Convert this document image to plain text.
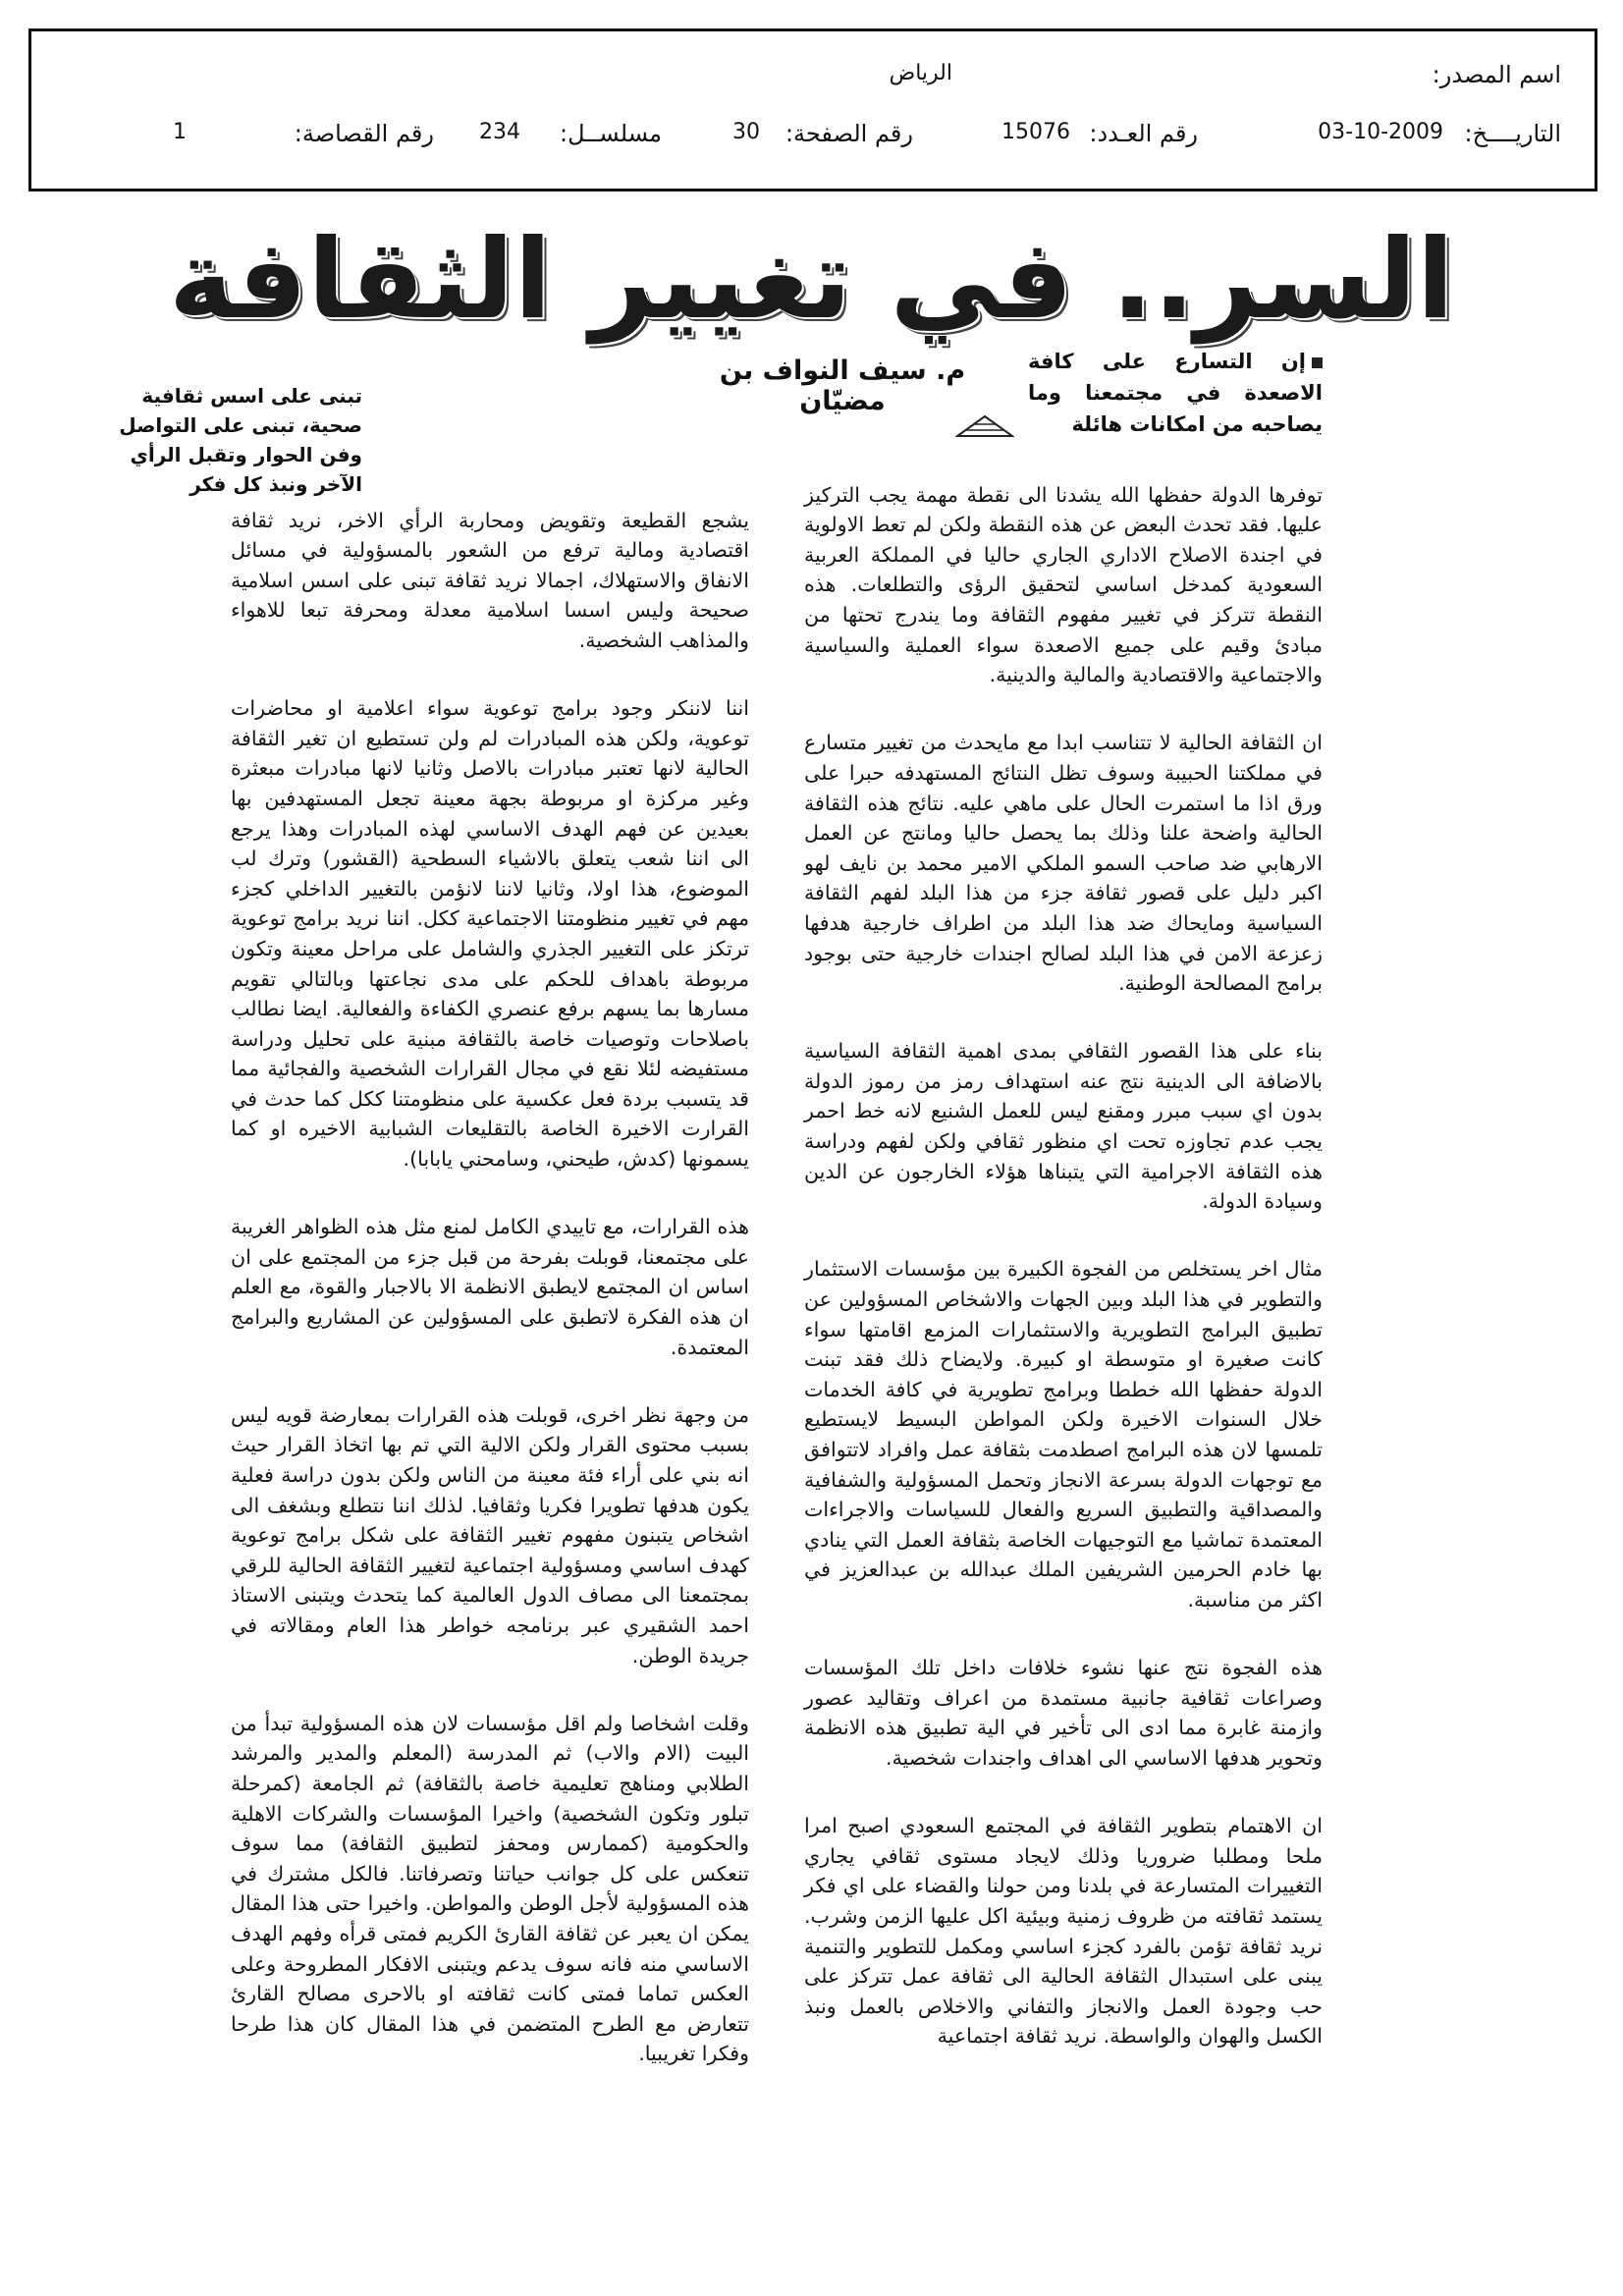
اسم المصدر:
الرياض
التاريــــخ:
03-10-2009
رقم العـدد:
15076
رقم الصفحة:
30
مسلســل:
234
رقم القصاصة:
1
السر.. في تغيير الثقافة
إن التسارع على كافة الاصعدة في مجتمعنا وما يصاحبه من امكانات هائلة
م. سيف النواف بن مضيّان
تبنى على اسس ثقافية صحية، تبنى على التواصل وفن الحوار وتقبل الرأي الآخر ونبذ كل فكر	توفرها الدولة حفظها الله يشدنا الى نقطة مهمة يجب التركيز عليها. فقد تحدث البعض عن هذه النقطة ولكن لم تعط الاولوية في اجندة الاصلاح الاداري الجاري حاليا في المملكة العربية السعودية كمدخل اساسي لتحقيق الرؤى والتطلعات. هذه النقطة تتركز في تغيير مفهوم الثقافة وما يندرج تحتها من مبادئ وقيم على جميع الاصعدة سواء العملية والسياسية والاجتماعية والاقتصادية والمالية والدينية.

ان الثقافة الحالية لا تتناسب ابدا مع مايحدث من تغيير متسارع في مملكتنا الحبيبة وسوف تظل النتائج المستهدفه حبرا على ورق اذا ما استمرت الحال على ماهي عليه. نتائج هذه الثقافة الحالية واضحة علنا وذلك بما يحصل حاليا ومانتج عن العمل الارهابي ضد صاحب السمو الملكي الامير محمد بن نايف لهو اكبر دليل على قصور ثقافة جزء من هذا البلد لفهم الثقافة السياسية ومايحاك ضد هذا البلد من اطراف خارجية هدفها زعزعة الامن في هذا البلد لصالح اجندات خارجية حتى بوجود برامج المصالحة الوطنية.

بناء على هذا القصور الثقافي بمدى اهمية الثقافة السياسية بالاضافة الى الدينية نتج عنه استهداف رمز من رموز الدولة بدون اي سبب مبرر ومقنع ليس للعمل الشنيع لانه خط احمر يجب عدم تجاوزه تحت اي منظور ثقافي ولكن لفهم ودراسة هذه الثقافة الاجرامية التي يتبناها هؤلاء الخارجون عن الدين وسيادة الدولة.

مثال اخر يستخلص من الفجوة الكبيرة بين مؤسسات الاستثمار والتطوير في هذا البلد وبين الجهات والاشخاص المسؤولين عن تطبيق البرامج التطويرية والاستثمارات المزمع اقامتها سواء كانت صغيرة او متوسطة او كبيرة. ولايضاح ذلك فقد تبنت الدولة حفظها الله خططا وبرامج تطويرية في كافة الخدمات خلال السنوات الاخيرة ولكن المواطن البسيط لايستطيع تلمسها لان هذه البرامج اصطدمت بثقافة عمل وافراد لاتتوافق مع توجهات الدولة بسرعة الانجاز وتحمل المسؤولية والشفافية والمصداقية والتطبيق السريع والفعال للسياسات والاجراءات المعتمدة تماشيا مع التوجيهات الخاصة بثقافة العمل التي ينادي بها خادم الحرمين الشريفين الملك عبدالله بن عبدالعزيز في اكثر من مناسبة.

هذه الفجوة نتج عنها نشوء خلافات داخل تلك المؤسسات وصراعات ثقافية جانبية مستمدة من اعراف وتقاليد عصور وازمنة غابرة مما ادى الى تأخير في الية تطبيق هذه الانظمة وتحوير هدفها الاساسي الى اهداف واجندات شخصية.

ان الاهتمام بتطوير الثقافة في المجتمع السعودي اصبح امرا ملحا ومطلبا ضروريا وذلك لايجاد مستوى ثقافي يجاري التغييرات المتسارعة في بلدنا ومن حولنا والقضاء على اي فكر يستمد ثقافته من ظروف زمنية وبيئية اكل عليها الزمن وشرب. نريد ثقافة تؤمن بالفرد كجزء اساسي ومكمل للتطوير والتنمية يبنى على استبدال الثقافة الحالية الى ثقافة عمل تتركز على حب وجودة العمل والانجاز والتفاني والاخلاص بالعمل ونبذ الكسل والهوان والواسطة. نريد ثقافة اجتماعية

يشجع القطيعة وتقويض ومحاربة الرأي الاخر، نريد ثقافة اقتصادية ومالية ترفع من الشعور بالمسؤولية في مسائل الانفاق والاستهلاك، اجمالا نريد ثقافة تبنى على اسس اسلامية صحيحة وليس اسسا اسلامية معدلة ومحرفة تبعا للاهواء والمذاهب الشخصية.

اننا لاننكر وجود برامج توعوية سواء اعلامية او محاضرات توعوية، ولكن هذه المبادرات لم ولن تستطيع ان تغير الثقافة الحالية لانها تعتبر مبادرات بالاصل وثانيا لانها مبادرات مبعثرة وغير مركزة او مربوطة بجهة معينة تجعل المستهدفين بها بعيدين عن فهم الهدف الاساسي لهذه المبادرات وهذا يرجع الى اننا شعب يتعلق بالاشياء السطحية (القشور) وترك لب الموضوع، هذا اولا، وثانيا لاننا لانؤمن بالتغيير الداخلي كجزء مهم في تغيير منظومتنا الاجتماعية ككل. اننا نريد برامج توعوية ترتكز على التغيير الجذري والشامل على مراحل معينة وتكون مربوطة باهداف للحكم على مدى نجاعتها وبالتالي تقويم مسارها بما يسهم برفع عنصري الكفاءة والفعالية. ايضا نطالب باصلاحات وتوصيات خاصة بالثقافة مبنية على تحليل ودراسة مستفيضه لئلا نقع في مجال القرارات الشخصية والفجائية مما قد يتسبب بردة فعل عكسية على منظومتنا ككل كما حدث في القرارت الاخيرة الخاصة بالتقليعات الشبابية الاخيره او كما يسمونها (كدش، طيحني، وسامحني يابابا).

هذه القرارات، مع تاييدي الكامل لمنع مثل هذه الظواهر الغريبة على مجتمعنا، قوبلت بفرحة من قبل جزء من المجتمع على ان اساس ان المجتمع لايطبق الانظمة الا بالاجبار والقوة، مع العلم ان هذه الفكرة لاتطبق على المسؤولين عن المشاريع والبرامج المعتمدة.

من وجهة نظر اخرى، قوبلت هذه القرارات بمعارضة قويه ليس بسبب محتوى القرار ولكن الالية التي تم بها اتخاذ القرار حيث انه بني على أراء فئة معينة من الناس ولكن بدون دراسة فعلية يكون هدفها تطويرا فكريا وثقافيا. لذلك اننا نتطلع وبشغف الى اشخاص يتبنون مفهوم تغيير الثقافة على شكل برامج توعوية كهدف اساسي ومسؤولية اجتماعية لتغيير الثقافة الحالية للرقي بمجتمعنا الى مصاف الدول العالمية كما يتحدث ويتبنى الاستاذ احمد الشقيري عبر برنامجه خواطر هذا العام ومقالاته في جريدة الوطن.

وقلت اشخاصا ولم اقل مؤسسات لان هذه المسؤولية تبدأ من البيت (الام والاب) ثم المدرسة (المعلم والمدير والمرشد الطلابي ومناهج تعليمية خاصة بالثقافة) ثم الجامعة (كمرحلة تبلور وتكون الشخصية) واخيرا المؤسسات والشركات الاهلية والحكومية (كممارس ومحفز لتطبيق الثقافة) مما سوف تنعكس على كل جوانب حياتنا وتصرفاتنا. فالكل مشترك في هذه المسؤولية لأجل الوطن والمواطن. واخيرا حتى هذا المقال يمكن ان يعبر عن ثقافة القارئ الكريم فمتى قرأه وفهم الهدف الاساسي منه فانه سوف يدعم ويتبنى الافكار المطروحة وعلى العكس تماما فمتى كانت ثقافته او بالاحرى مصالح القارئ تتعارض مع الطرح المتضمن في هذا المقال كان هذا طرحا وفكرا تغريبيا.
